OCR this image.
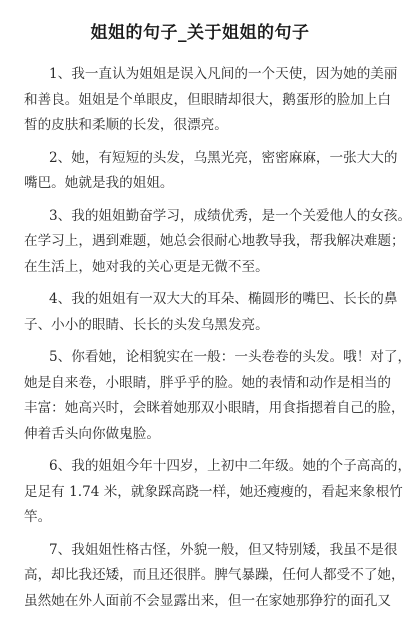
姐姐的句子_关于姐姐的句子
1、我一直认为姐姐是误入凡间的一个天使，因为她的美丽
和善良。姐姐是个单眼皮，但眼睛却很大，鹅蛋形的脸加上白
皙的皮肤和柔顺的长发，很漂亮。
2、她，有短短的头发，乌黑光亮，密密麻麻，一张大大的
嘴巴。她就是我的姐姐。
3、我的姐姐勤奋学习，成绩优秀，是一个关爱他人的女孩。
在学习上，遇到难题，她总会很耐心地教导我，帮我解决难题；
在生活上，她对我的关心更是无微不至。
4、我的姐姐有一双大大的耳朵、椭圆形的嘴巴、长长的鼻
子、小小的眼睛、长长的头发乌黑发亮。
5、你看她，论相貌实在一般：一头卷卷的头发。哦！对了，
她是自来卷，小眼睛，胖乎乎的脸。她的表情和动作是相当的
丰富：她高兴时，会眯着她那双小眼睛，用食指摁着自己的脸，
伸着舌头向你做鬼脸。
6、我的姐姐今年十四岁，上初中二年级。她的个子高高的，
足足有 1.74 米，就象踩高跷一样，她还瘦瘦的，看起来象根竹
竿。
7、我姐姐性格古怪，外貌一般，但又特别矮，我虽不是很
高，却比我还矮，而且还很胖。脾气暴躁，任何人都受不了她，
虽然她在外人面前不会显露出来，但一在家她那狰狞的面孔又
